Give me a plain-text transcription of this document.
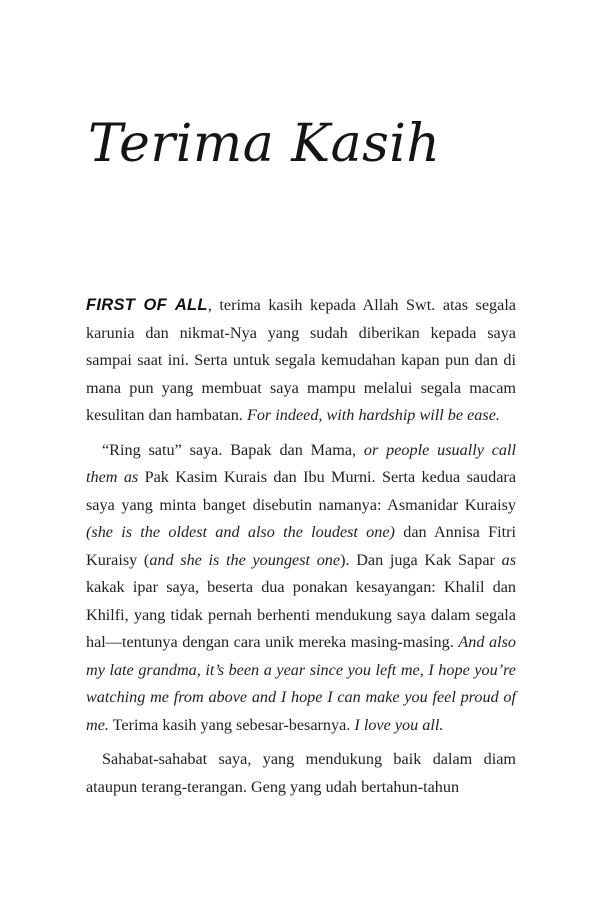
Terima Kasih

FIRST OF ALL, terima kasih kepada Allah Swt. atas segala karunia dan nikmat-Nya yang sudah diberikan kepada saya sampai saat ini. Serta untuk segala kemudahan kapan pun dan di mana pun yang membuat saya mampu melalui segala macam kesulitan dan hambatan. For indeed, with hardship will be ease.

“Ring satu” saya. Bapak dan Mama, or people usually call them as Pak Kasim Kurais dan Ibu Murni. Serta kedua saudara saya yang minta banget disebutin namanya: Asmanidar Kuraisy (she is the oldest and also the loudest one) dan Annisa Fitri Kuraisy (and she is the youngest one). Dan juga Kak Sapar as kakak ipar saya, beserta dua ponakan kesayangan: Khalil dan Khilfi, yang tidak pernah berhenti mendukung saya dalam segala hal—tentunya dengan cara unik mereka masing-masing. And also my late grandma, it’s been a year since you left me, I hope you’re watching me from above and I hope I can make you feel proud of me. Terima kasih yang sebesar-besarnya. I love you all.

Sahabat-sahabat saya, yang mendukung baik dalam diam ataupun terang-terangan. Geng yang udah bertahun-tahun
